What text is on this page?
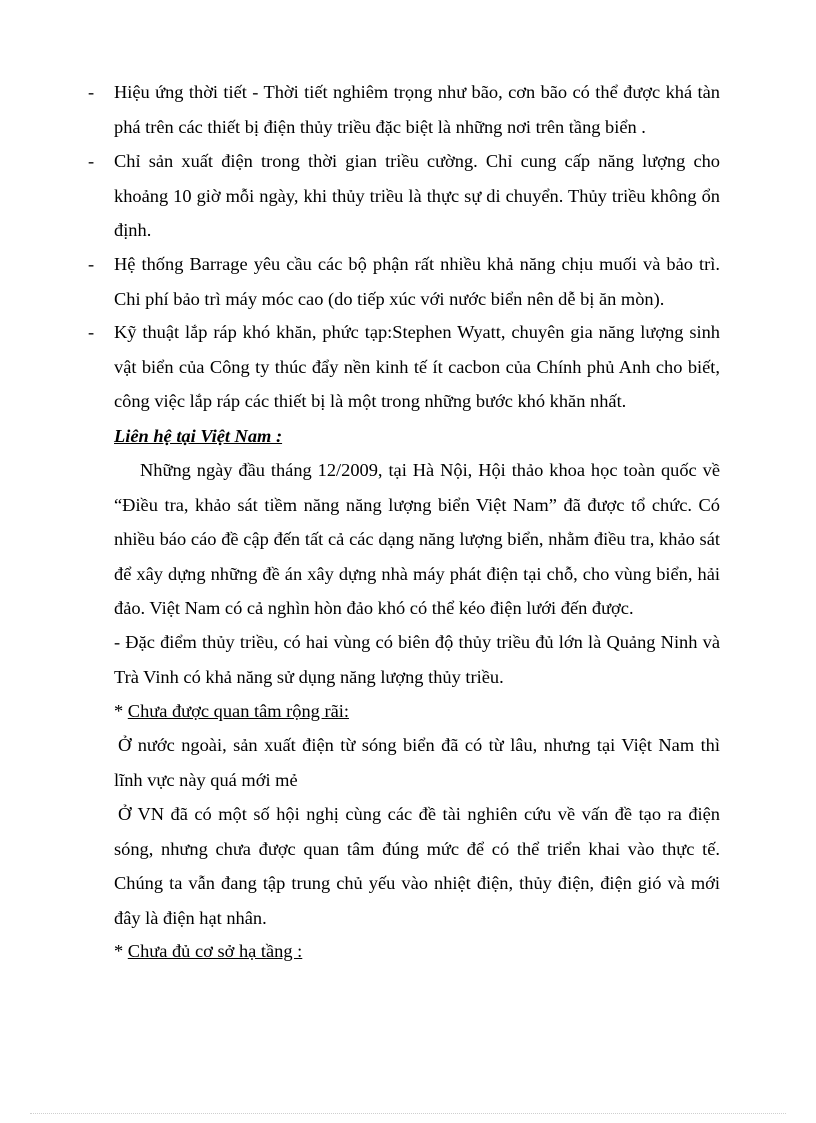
- Hiệu ứng thời tiết - Thời tiết nghiêm trọng như bão, cơn bão có thể được khá tàn phá trên các thiết bị điện thủy triều đặc biệt là những nơi trên tầng biển .
- Chỉ sản xuất điện trong thời gian triều cường. Chỉ cung cấp năng lượng cho khoảng 10 giờ mỗi ngày, khi thủy triều là thực sự di chuyển. Thủy triều không ổn định.
- Hệ thống Barrage yêu cầu các bộ phận rất nhiều khả năng chịu muối và bảo trì. Chi phí bảo trì máy móc cao (do tiếp xúc với nước biển nên dễ bị ăn mòn).
- Kỹ thuật lắp ráp khó khăn, phức tạp:Stephen Wyatt, chuyên gia năng lượng sinh vật biển của Công ty thúc đẩy nền kinh tế ít cacbon của Chính phủ Anh cho biết, công việc lắp ráp các thiết bị là một trong những bước khó khăn nhất.
Liên hệ tại Việt Nam :

Những ngày đầu tháng 12/2009, tại Hà Nội, Hội thảo khoa học toàn quốc về “Điều tra, khảo sát tiềm năng năng lượng biển Việt Nam” đã được tổ chức. Có nhiều báo cáo đề cập đến tất cả các dạng năng lượng biển, nhằm điều tra, khảo sát để xây dựng những đề án xây dựng nhà máy phát điện tại chỗ, cho vùng biển, hải đảo. Việt Nam có cả nghìn hòn đảo khó có thể kéo điện lưới đến được.

- Đặc điểm thủy triều, có hai vùng có biên độ thủy triều đủ lớn là Quảng Ninh và Trà Vinh có khả năng sử dụng năng lượng thủy triều.

* Chưa được quan tâm rộng rãi:

Ở nước ngoài, sản xuất điện từ sóng biển đã có từ lâu, nhưng tại Việt Nam thì lĩnh vực này quá mới mẻ

Ở VN đã có một số hội nghị cùng các đề tài nghiên cứu về vấn đề tạo ra điện sóng, nhưng chưa được quan tâm đúng mức để có thể triển khai vào thực tế. Chúng ta vẫn đang tập trung chủ yếu vào nhiệt điện, thủy điện, điện gió và mới đây là điện hạt nhân.

* Chưa đủ cơ sở hạ tầng :
